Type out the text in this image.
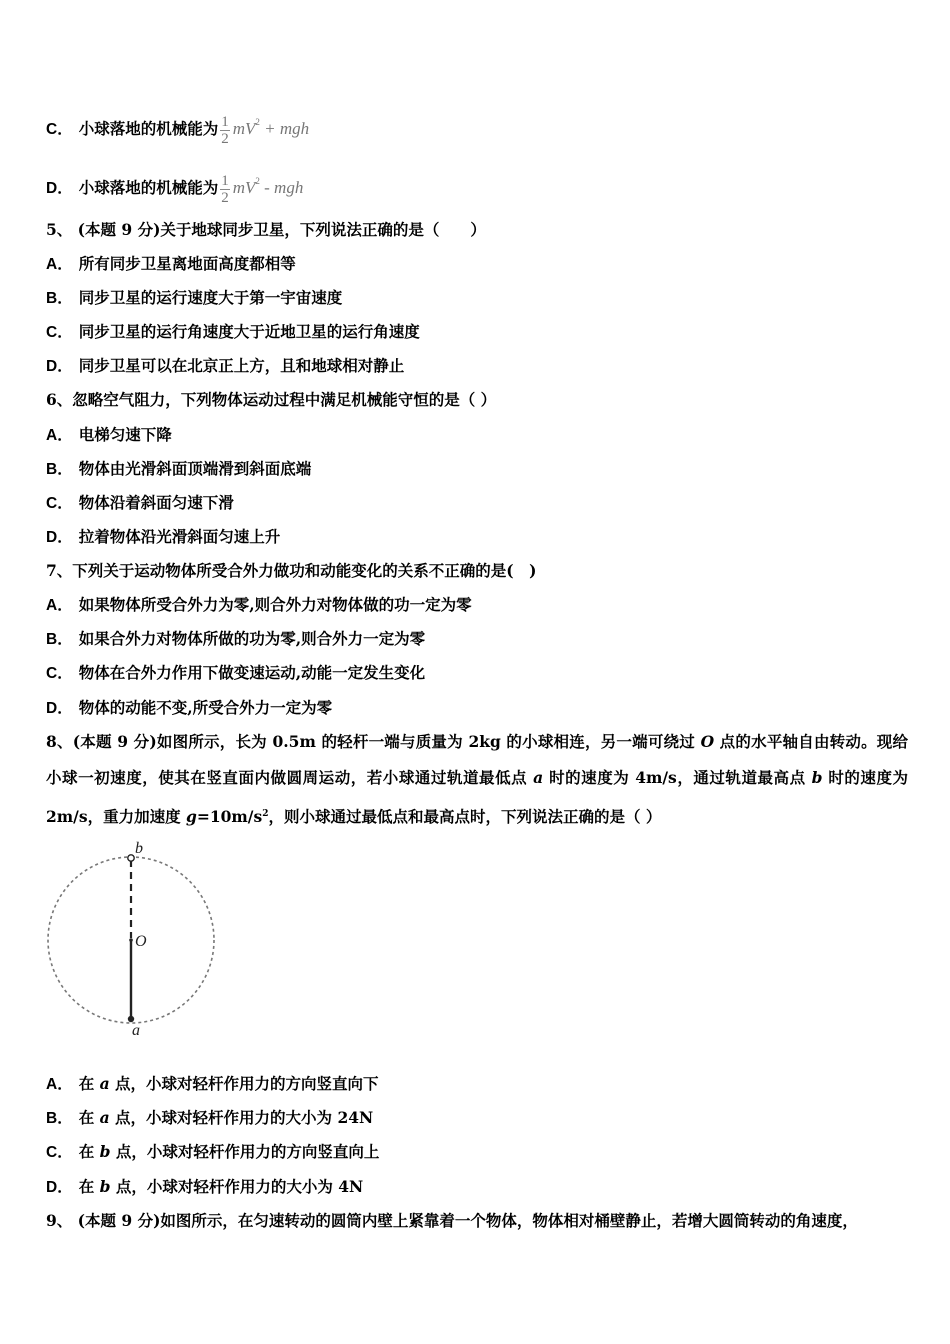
C． 小球落地的机械能为 $\frac{1}{2} mV^2$ + mgh
D． 小球落地的机械能为 $\frac{1}{2} mV^2$ - mgh
5、 (本题 9 分)关于地球同步卫星，下列说法正确的是（　　）
A． 所有同步卫星离地面高度都相等
B． 同步卫星的运行速度大于第一宇宙速度
C． 同步卫星的运行角速度大于近地卫星的运行角速度
D． 同步卫星可以在北京正上方，且和地球相对静止
6、忽略空气阻力，下列物体运动过程中满足机械能守恒的是（ ）
A． 电梯匀速下降
B． 物体由光滑斜面顶端滑到斜面底端
C． 物体沿着斜面匀速下滑
D． 拉着物体沿光滑斜面匀速上升
7、下列关于运动物体所受合外力做功和动能变化的关系不正确的是(　)
A． 如果物体所受合外力为零,则合外力对物体做的功一定为零
B． 如果合外力对物体所做的功为零,则合外力一定为零
C． 物体在合外力作用下做变速运动,动能一定发生变化
D． 物体的动能不变,所受合外力一定为零
8、(本题 9 分)如图所示，长为 0.5m 的轻杆一端与质量为 2kg 的小球相连，另一端可绕过 O 点的水平轴自由转动。现给小球一初速度，使其在竖直面内做圆周运动，若小球通过轨道最低点 a 时的速度为 4m/s，通过轨道最高点 b 时的速度为 2m/s，重力加速度 $g=10m/s^2$，则小球通过最低点和最高点时，下列说法正确的是（ ）
b
O
a
A． 在 a 点，小球对轻杆作用力的方向竖直向下
B． 在 a 点，小球对轻杆作用力的大小为 24N
C． 在 b 点，小球对轻杆作用力的方向竖直向上
D． 在 b 点，小球对轻杆作用力的大小为 4N
9、 (本题 9 分)如图所示，在匀速转动的圆筒内壁上紧靠着一个物体，物体相对桶壁静止，若增大圆筒转动的角速度，
